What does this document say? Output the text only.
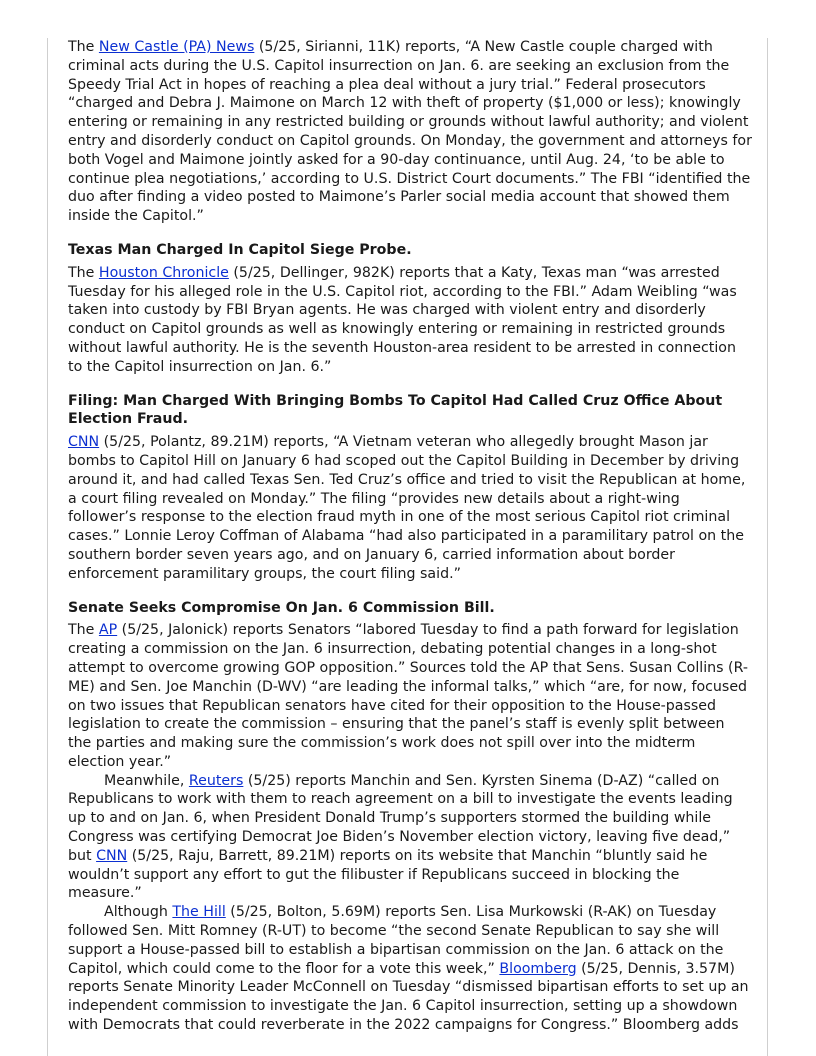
The New Castle (PA) News (5/25, Sirianni, 11K) reports, “A New Castle couple charged with criminal acts during the U.S. Capitol insurrection on Jan. 6. are seeking an exclusion from the Speedy Trial Act in hopes of reaching a plea deal without a jury trial.” Federal prosecutors “charged and Debra J. Maimone on March 12 with theft of property ($1,000 or less); knowingly entering or remaining in any restricted building or grounds without lawful authority; and violent entry and disorderly conduct on Capitol grounds. On Monday, the government and attorneys for both Vogel and Maimone jointly asked for a 90-day continuance, until Aug. 24, ‘to be able to continue plea negotiations,’ according to U.S. District Court documents.” The FBI “identified the duo after finding a video posted to Maimone’s Parler social media account that showed them inside the Capitol.”

Texas Man Charged In Capitol Siege Probe.

The Houston Chronicle (5/25, Dellinger, 982K) reports that a Katy, Texas man “was arrested Tuesday for his alleged role in the U.S. Capitol riot, according to the FBI.” Adam Weibling “was taken into custody by FBI Bryan agents. He was charged with violent entry and disorderly conduct on Capitol grounds as well as knowingly entering or remaining in restricted grounds without lawful authority. He is the seventh Houston-area resident to be arrested in connection to the Capitol insurrection on Jan. 6.”

Filing: Man Charged With Bringing Bombs To Capitol Had Called Cruz Office About Election Fraud.

CNN (5/25, Polantz, 89.21M) reports, “A Vietnam veteran who allegedly brought Mason jar bombs to Capitol Hill on January 6 had scoped out the Capitol Building in December by driving around it, and had called Texas Sen. Ted Cruz’s office and tried to visit the Republican at home, a court filing revealed on Monday.” The filing “provides new details about a right-wing follower’s response to the election fraud myth in one of the most serious Capitol riot criminal cases.” Lonnie Leroy Coffman of Alabama “had also participated in a paramilitary patrol on the southern border seven years ago, and on January 6, carried information about border enforcement paramilitary groups, the court filing said.”

Senate Seeks Compromise On Jan. 6 Commission Bill.

The AP (5/25, Jalonick) reports Senators “labored Tuesday to find a path forward for legislation creating a commission on the Jan. 6 insurrection, debating potential changes in a long-shot attempt to overcome growing GOP opposition.” Sources told the AP that Sens. Susan Collins (R-ME) and Sen. Joe Manchin (D-WV) “are leading the informal talks,” which “are, for now, focused on two issues that Republican senators have cited for their opposition to the House-passed legislation to create the commission – ensuring that the panel’s staff is evenly split between the parties and making sure the commission’s work does not spill over into the midterm election year.”

Meanwhile, Reuters (5/25) reports Manchin and Sen. Kyrsten Sinema (D-AZ) “called on Republicans to work with them to reach agreement on a bill to investigate the events leading up to and on Jan. 6, when President Donald Trump’s supporters stormed the building while Congress was certifying Democrat Joe Biden’s November election victory, leaving five dead,” but CNN (5/25, Raju, Barrett, 89.21M) reports on its website that Manchin “bluntly said he wouldn’t support any effort to gut the filibuster if Republicans succeed in blocking the measure.”

Although The Hill (5/25, Bolton, 5.69M) reports Sen. Lisa Murkowski (R-AK) on Tuesday followed Sen. Mitt Romney (R-UT) to become “the second Senate Republican to say she will support a House-passed bill to establish a bipartisan commission on the Jan. 6 attack on the Capitol, which could come to the floor for a vote this week,” Bloomberg (5/25, Dennis, 3.57M) reports Senate Minority Leader McConnell on Tuesday “dismissed bipartisan efforts to set up an independent commission to investigate the Jan. 6 Capitol insurrection, setting up a showdown with Democrats that could reverberate in the 2022 campaigns for Congress.” Bloomberg adds
